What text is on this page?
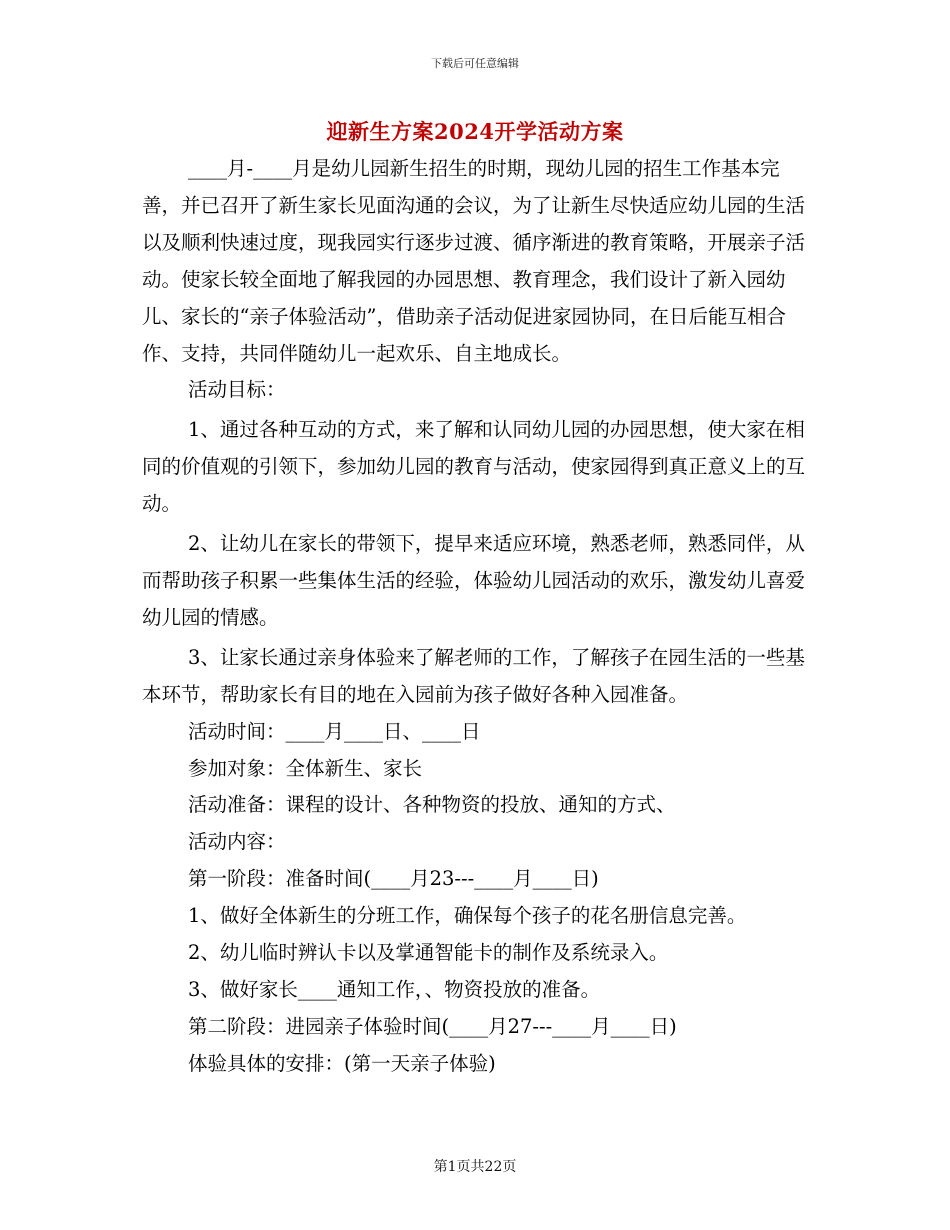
下载后可任意编辑
迎新生方案2024开学活动方案

____月-____月是幼儿园新生招生的时期，现幼儿园的招生工作基本完善，并已召开了新生家长见面沟通的会议，为了让新生尽快适应幼儿园的生活以及顺利快速过度，现我园实行逐步过渡、循序渐进的教育策略，开展亲子活动。使家长较全面地了解我园的办园思想、教育理念，我们设计了新入园幼儿、家长的“亲子体验活动”，借助亲子活动促进家园协同，在日后能互相合作、支持，共同伴随幼儿一起欢乐、自主地成长。

活动目标：

1、通过各种互动的方式，来了解和认同幼儿园的办园思想，使大家在相同的价值观的引领下，参加幼儿园的教育与活动，使家园得到真正意义上的互动。

2、让幼儿在家长的带领下，提早来适应环境，熟悉老师，熟悉同伴，从而帮助孩子积累一些集体生活的经验，体验幼儿园活动的欢乐，激发幼儿喜爱幼儿园的情感。

3、让家长通过亲身体验来了解老师的工作，了解孩子在园生活的一些基本环节，帮助家长有目的地在入园前为孩子做好各种入园准备。

活动时间：____月____日、____日

参加对象：全体新生、家长

活动准备：课程的设计、各种物资的投放、通知的方式、

活动内容：

第一阶段：准备时间(____月23---____月____日)

1、做好全体新生的分班工作，确保每个孩子的花名册信息完善。

2、幼儿临时辨认卡以及掌通智能卡的制作及系统录入。

3、做好家长____通知工作，、物资投放的准备。

第二阶段：进园亲子体验时间(____月27---____月____日)

体验具体的安排：(第一天亲子体验)

第1页共22页
